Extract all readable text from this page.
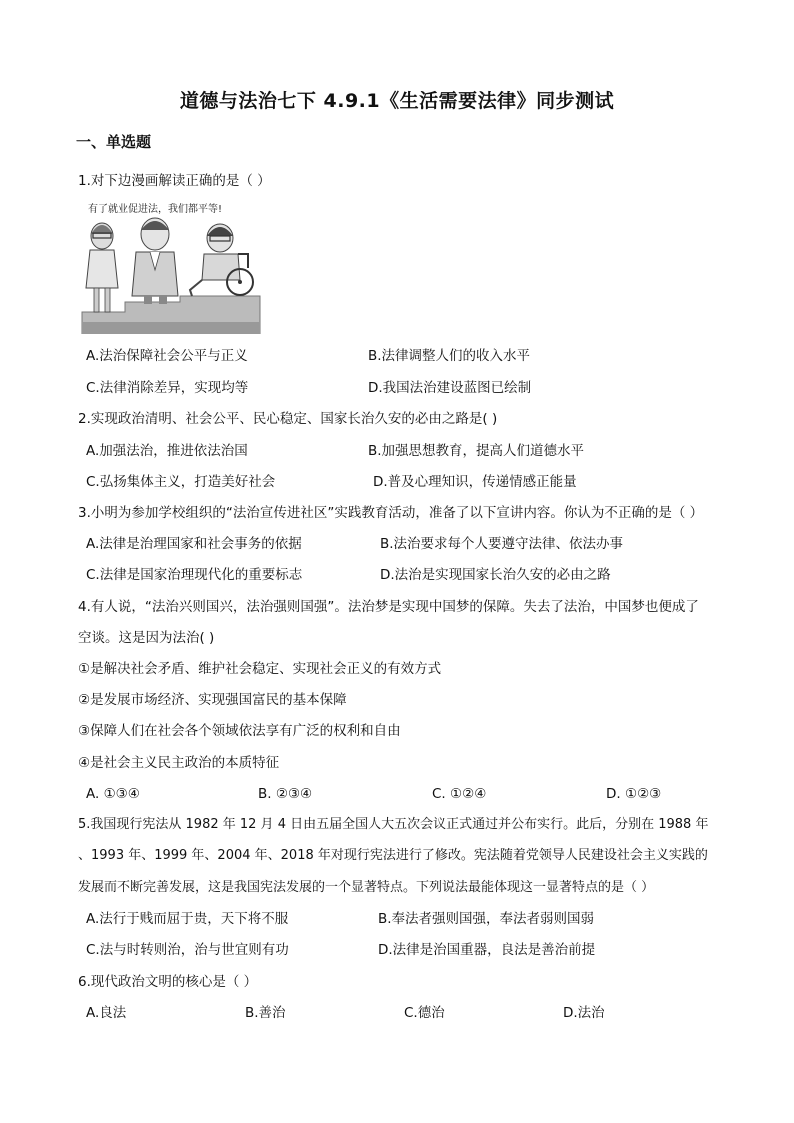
道德与法治七下 4.9.1《生活需要法律》同步测试
一、单选题
1.对下边漫画解读正确的是（ ）
有了就业促进法，我们都平等!
A.法治保障社会公平与正义	B.法律调整人们的收入水平
C.法律消除差异，实现均等	D.我国法治建设蓝图已绘制
2.实现政治清明、社会公平、民心稳定、国家长治久安的必由之路是( )
A.加强法治，推进依法治国	B.加强思想教育，提高人们道德水平
C.弘扬集体主义，打造美好社会	D.普及心理知识，传递情感正能量
3.小明为参加学校组织的“法治宣传进社区”实践教育活动，准备了以下宣讲内容。你认为不正确的是（ ）
A.法律是治理国家和社会事务的依据	B.法治要求每个人要遵守法律、依法办事
C.法律是国家治理现代化的重要标志	D.法治是实现国家长治久安的必由之路
4.有人说，“法治兴则国兴，法治强则国强”。法治梦是实现中国梦的保障。失去了法治，中国梦也便成了
空谈。这是因为法治( )
①是解决社会矛盾、维护社会稳定、实现社会正义的有效方式
②是发展市场经济、实现强国富民的基本保障
③保障人们在社会各个领域依法享有广泛的权利和自由
④是社会主义民主政治的本质特征
A. ①③④	B. ②③④	C. ①②④	D. ①②③
5.我国现行宪法从 1982 年 12 月 4 日由五届全国人大五次会议正式通过并公布实行。此后，分别在 1988 年
、1993 年、1999 年、2004 年、2018 年对现行宪法进行了修改。宪法随着党领导人民建设社会主义实践的
发展而不断完善发展，这是我国宪法发展的一个显著特点。下列说法最能体现这一显著特点的是（ ）
A.法行于贱而屈于贵，天下将不服	B.奉法者强则国强，奉法者弱则国弱
C.法与时转则治，治与世宜则有功	D.法律是治国重器，良法是善治前提
6.现代政治文明的核心是（ ）
A.良法	B.善治	C.德治	D.法治
